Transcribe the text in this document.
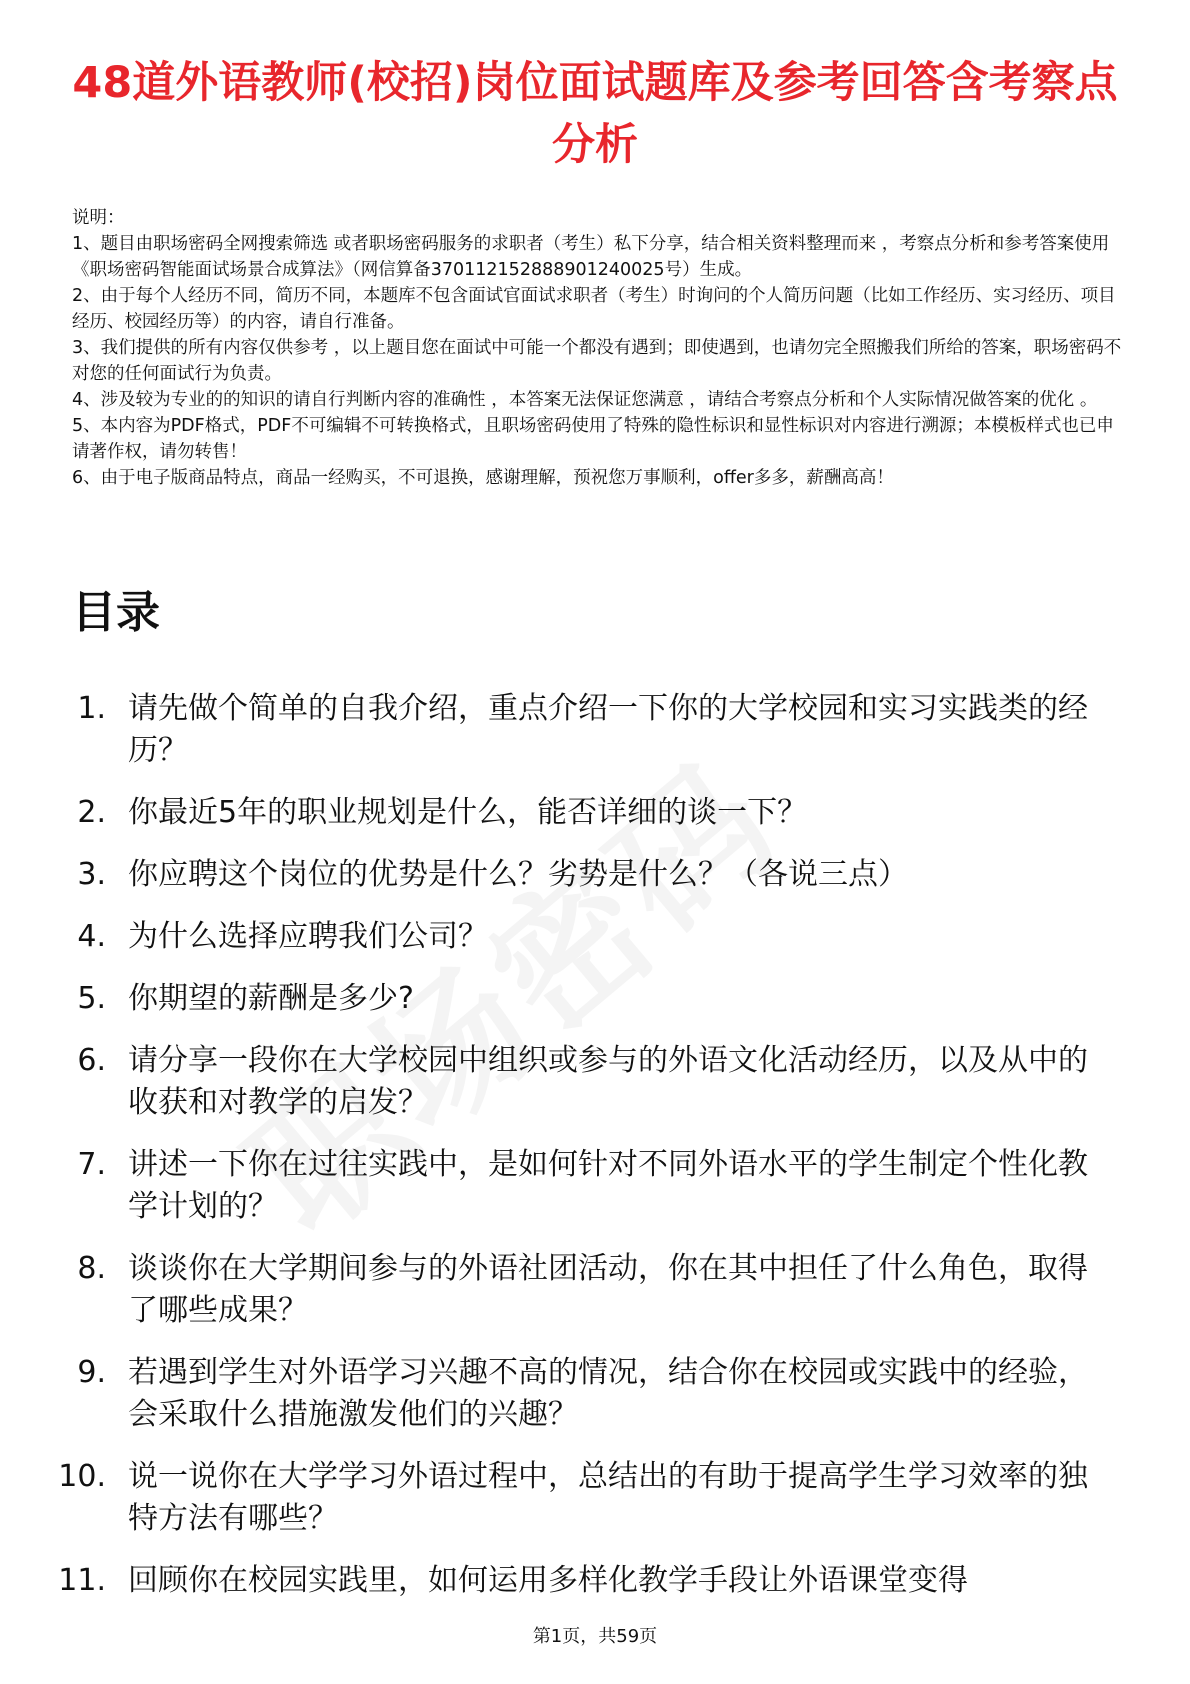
48道外语教师(校招)岗位面试题库及参考回答含考察点分析

说明：

1、题目由职场密码全网搜索筛选 或者职场密码服务的求职者（考生）私下分享，结合相关资料整理而来 ，考察点分析和参考答案使用《职场密码智能面试场景合成算法》（网信算备370112152888901240025号）生成。

2、由于每个人经历不同，简历不同，本题库不包含面试官面试求职者（考生）时询问的个人简历问题（比如工作经历、实习经历、项目经历、校园经历等）的内容，请自行准备。

3、我们提供的所有内容仅供参考 ，以上题目您在面试中可能一个都没有遇到；即使遇到，也请勿完全照搬我们所给的答案，职场密码不对您的任何面试行为负责。

4、涉及较为专业的的知识的请自行判断内容的准确性 ，本答案无法保证您满意 ，请结合考察点分析和个人实际情况做答案的优化 。

5、本内容为PDF格式，PDF不可编辑不可转换格式，且职场密码使用了特殊的隐性标识和显性标识对内容进行溯源；本模板样式也已申请著作权，请勿转售！

6、由于电子版商品特点，商品一经购买，不可退换，感谢理解，预祝您万事顺利，offer多多，薪酬高高！

目录
1. 请先做个简单的自我介绍，重点介绍一下你的大学校园和实习实践类的经历？
2. 你最近5年的职业规划是什么，能否详细的谈一下？
3. 你应聘这个岗位的优势是什么？劣势是什么？（各说三点）
4. 为什么选择应聘我们公司？
5. 你期望的薪酬是多少?
6. 请分享一段你在大学校园中组织或参与的外语文化活动经历，以及从中的收获和对教学的启发？
7. 讲述一下你在过往实践中，是如何针对不同外语水平的学生制定个性化教学计划的？
8. 谈谈你在大学期间参与的外语社团活动，你在其中担任了什么角色，取得了哪些成果？
9. 若遇到学生对外语学习兴趣不高的情况，结合你在校园或实践中的经验，会采取什么措施激发他们的兴趣？
10. 说一说你在大学学习外语过程中，总结出的有助于提高学生学习效率的独特方法有哪些？
11. 回顾你在校园实践里，如何运用多样化教学手段让外语课堂变得
第1页，共59页
